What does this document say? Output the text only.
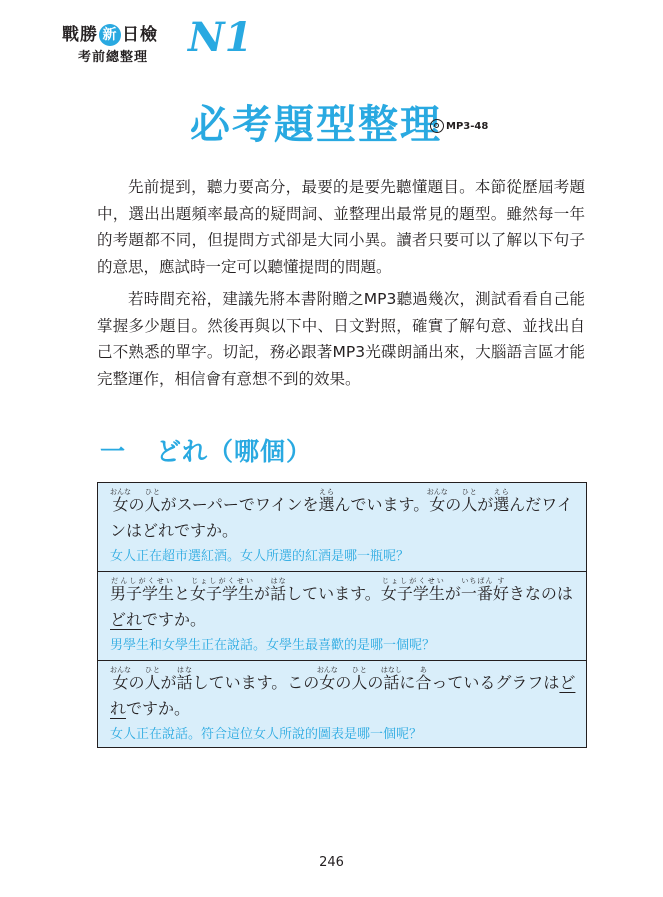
戰勝 新 日檢
考前總整理 N1
必考題型整理 MP3-48

先前提到，聽力要高分，最要的是要先聽懂題目。本節從歷屆考題中，選出出題頻率最高的疑問詞、並整理出最常見的題型。雖然每一年的考題都不同，但提問方式卻是大同小異。讀者只要可以了解以下句子的意思，應試時一定可以聽懂提問的問題。

若時間充裕，建議先將本書附贈之MP3聽過幾次，測試看看自己能掌握多少題目。然後再與以下中、日文對照，確實了解句意、並找出自己不熟悉的單字。切記，務必跟著MP3光碟朗誦出來，大腦語言區才能完整運作，相信會有意想不到的效果。

一 どれ（哪個）

女おんなの人ひとがスーパーでワインを選えらんでいます。女おんなの人ひとが選えらんだワインはどれですか。

女人正在超市選紅酒。女人所選的紅酒是哪一瓶呢？

男子学生だんしがくせいと女子学生じょしがくせいが話はなしています。女子学生じょしがくせいが一番いちばん好すきなのはどれですか。

男學生和女學生正在說話。女學生最喜歡的是哪一個呢？

女おんなの人ひとが話はなしています。この女おんなの人ひとの話はなしに合あっているグラフはどれですか。

女人正在說話。符合這位女人所說的圖表是哪一個呢？

246
